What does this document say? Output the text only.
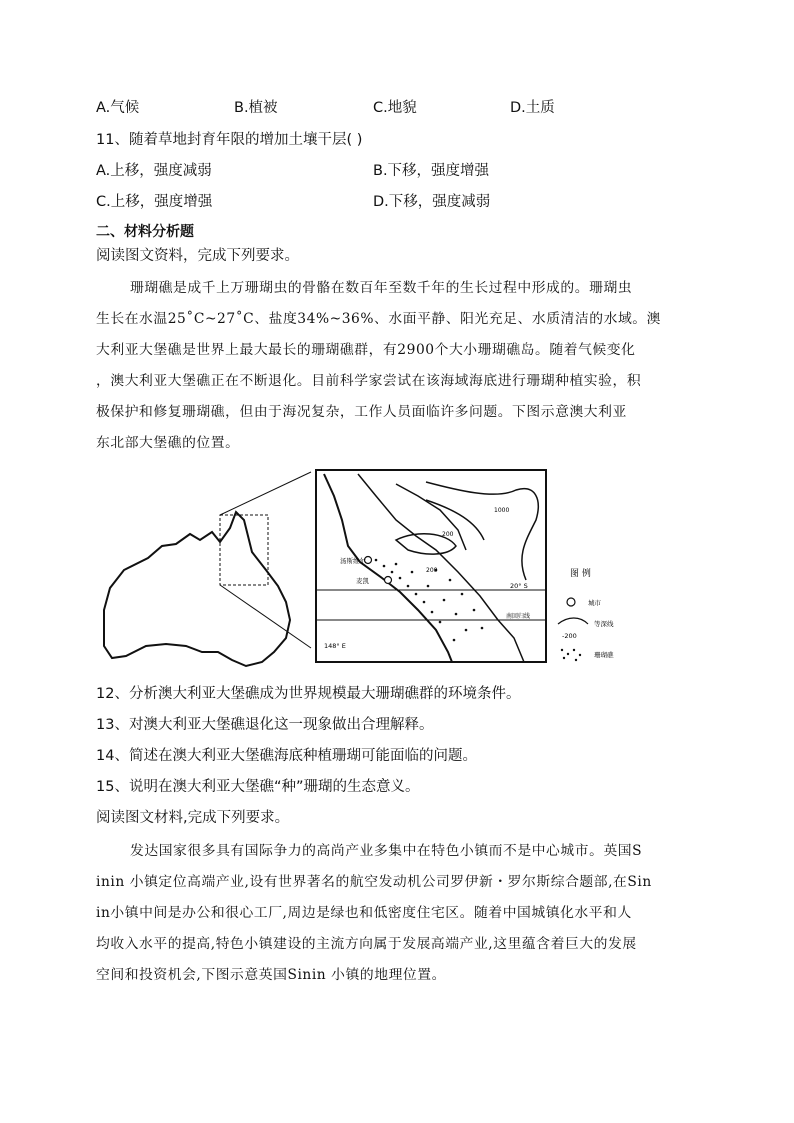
A.气候	B.植被	C.地貌	D.土质
11、随着草地封育年限的增加土壤干层( )
A.上移，强度减弱	B.下移，强度增强
C.上移，强度增强	D.下移，强度减弱
二、材料分析题
阅读图文资料，完成下列要求。
珊瑚礁是成千上万珊瑚虫的骨骼在数百年至数千年的生长过程中形成的。珊瑚虫
生长在水温25˚C~27˚C、盐度34%~36%、水面平静、阳光充足、水质清洁的水域。澳
大利亚大堡礁是世界上最大最长的珊瑚礁群，有2900个大小珊瑚礁岛。随着气候变化
，澳大利亚大堡礁正在不断退化。目前科学家尝试在该海域海底进行珊瑚种植实验，积
极保护和修复珊瑚礁，但由于海况复杂，工作人员面临许多问题。下图示意澳大利亚
东北部大堡礁的位置。
汤斯维尔
麦凯
20° S
148° E
1000
200
200
南回归线
图 例
城市
-200
等深线
珊瑚礁
12、分析澳大利亚大堡礁成为世界规模最大珊瑚礁群的环境条件。
13、对澳大利亚大堡礁退化这一现象做出合理解释。
14、简述在澳大利亚大堡礁海底种植珊瑚可能面临的问题。
15、说明在澳大利亚大堡礁“种”珊瑚的生态意义。
阅读图文材料,完成下列要求。
发达国家很多具有国际争力的高尚产业多集中在特色小镇而不是中心城市。英国S
inin 小镇定位高端产业,设有世界著名的航空发动机公司罗伊新・罗尔斯综合题部,在Sin
in小镇中间是办公和很心工厂,周边是绿也和低密度住宅区。随着中国城镇化水平和人
均收入水平的提高,特色小镇建设的主流方向属于发展高端产业,这里蕴含着巨大的发展
空间和投资机会,下图示意英国Sinin 小镇的地理位置。
